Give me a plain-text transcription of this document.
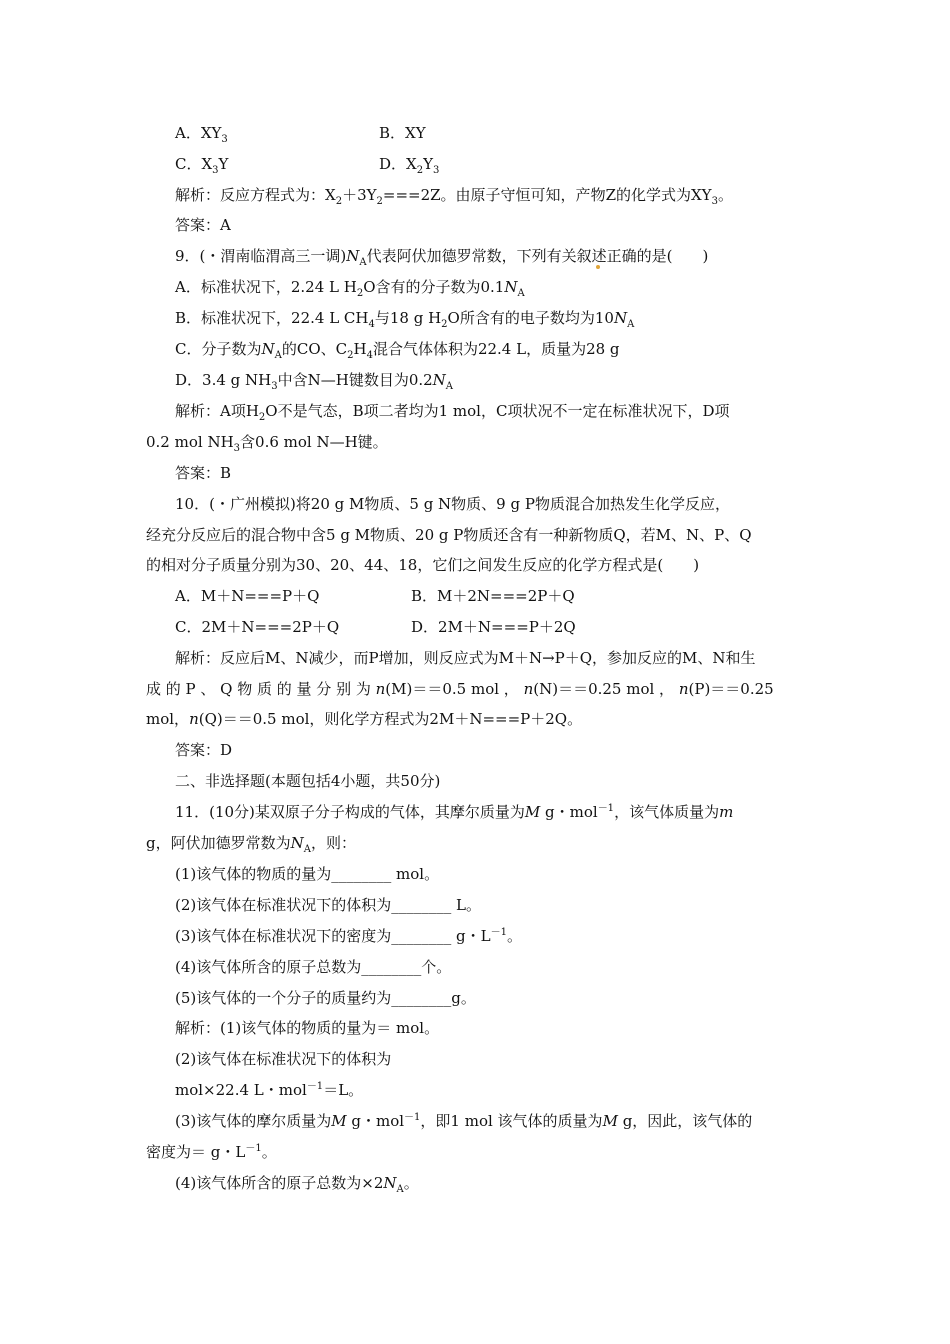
A．$XY_3$	B．XY
C．$X_3Y$	D．$X_2Y_3$
解析：反应方程式为：$X_2+3Y_2===2Z$。由原子守恒可知，产物Z的化学式为$XY_3$。
答案：A
9．(・渭南临渭高三一调)$N_A$代表阿伏加德罗常数，下列有关叙述正确的是(　　)
A．标准状况下，2.24 L $H_2O$含有的分子数为$0.1N_A$
B．标准状况下，22.4 L $CH_4$与18 g $H_2O$所含有的电子数均为$10N_A$
C．分子数为$N_A$的CO、$C_2H_4$混合气体体积为22.4 L，质量为28 g
D．3.4 g $NH_3$中含N—H键数目为$0.2N_A$
解析：A项$H_2O$不是气态，B项二者均为1 mol，C项状况不一定在标准状况下，D项
0.2 mol $NH_3$含0.6 mol N—H键。
答案：B
10．(・广州模拟)将20 g M物质、5 g N物质、9 g P物质混合加热发生化学反应，
经充分反应后的混合物中含5 g M物质、20 g P物质还含有一种新物质Q，若M、N、P、Q
的相对分子质量分别为30、20、44、18，它们之间发生反应的化学方程式是(　　)
A．M＋N===P＋Q	B．M＋2N===2P＋Q
C．2M＋N===2P＋Q	D．2M＋N===P＋2Q
解析：反应后M、N减少，而P增加，则反应式为M＋N→P＋Q，参加反应的M、N和生
成 的 P 、 Q 物 质 的 量 分 别 为 n(M)＝＝0.5 mol ， n(N)＝＝0.25 mol ， n(P)＝＝0.25
mol，n(Q)＝＝0.5 mol，则化学方程式为2M＋N===P＋2Q。
答案：D
二、非选择题(本题包括4小题，共50分)
11．(10分)某双原子分子构成的气体，其摩尔质量为M g・mol$^{-1}$，该气体质量为m
g，阿伏加德罗常数为$N_A$，则：
(1)该气体的物质的量为________ mol。
(2)该气体在标准状况下的体积为________ L。
(3)该气体在标准状况下的密度为________ g・$L^{-1}$。
(4)该气体所含的原子总数为________个。
(5)该气体的一个分子的质量约为________g。
解析：(1)该气体的物质的量为＝ mol。
(2)该气体在标准状况下的体积为
mol×22.4 L・mol$^{-1}$＝L。
(3)该气体的摩尔质量为M g・mol$^{-1}$，即1 mol 该气体的质量为M g，因此，该气体的
密度为＝ g・$L^{-1}$。
(4)该气体所含的原子总数为$\times 2N_A$。
